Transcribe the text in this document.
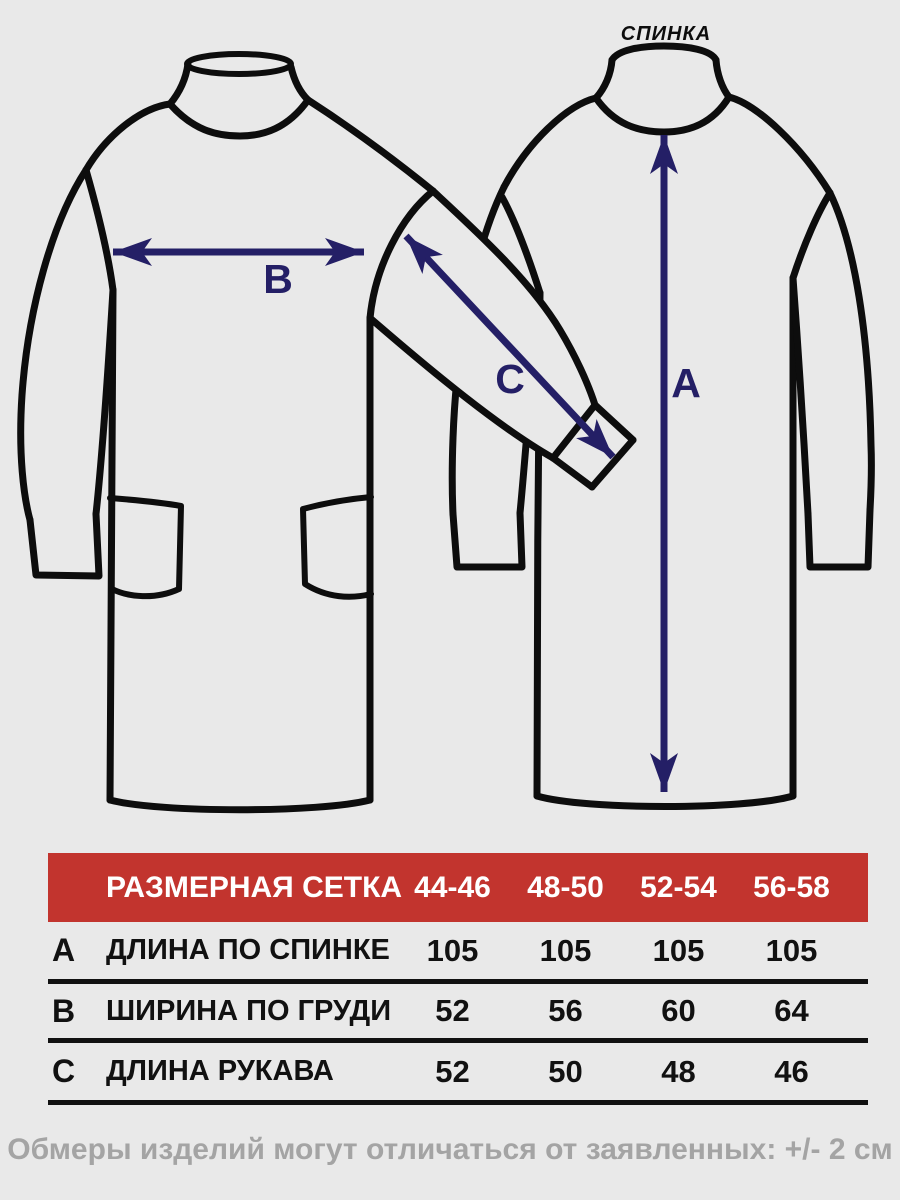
B
C	A
СПИНКА
РАЗМЕРНАЯ СЕТКА 44-46	48-50	52-54	56-58
A	ДЛИНА ПО СПИНКЕ	105	105	105	105
B	ШИРИНА ПО ГРУДИ	52	56	60	64
C	ДЛИНА РУКАВА	52	50	48	46
Обмеры изделий могут отличаться от заявленных: +/- 2 см
